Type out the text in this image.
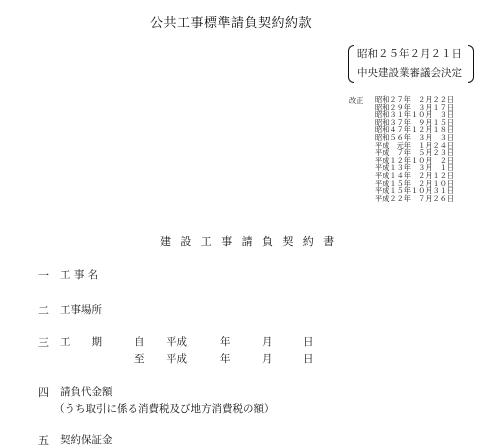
公共工事標準請負契約約款
昭和２５年２月２１日
中央建設業審議会決定
改正 昭和２７年　２月２２日
昭和２９年　３月１７日
昭和３１年１０月　３日
昭和３７年　９月１５日
昭和４７年１２月１８日
昭和５６年　３月　３日
平成　元年　１月２４日
平成　７年　５月２３日
平成１２年１０月　２日
平成１３年　３月　１日
平成１４年　２月１２日
平成１５年　２月１０日
平成１５年１０月３１日
平成２２年　７月２６日
建設工事請負契約書
一 工 事 名
二 工事場所
三 工　　期	自 平成	年	月	日
至 平成	年	月	日
四 請負代金額
（うち取引に係る消費税及び地方消費税の額）
五 契約保証金
